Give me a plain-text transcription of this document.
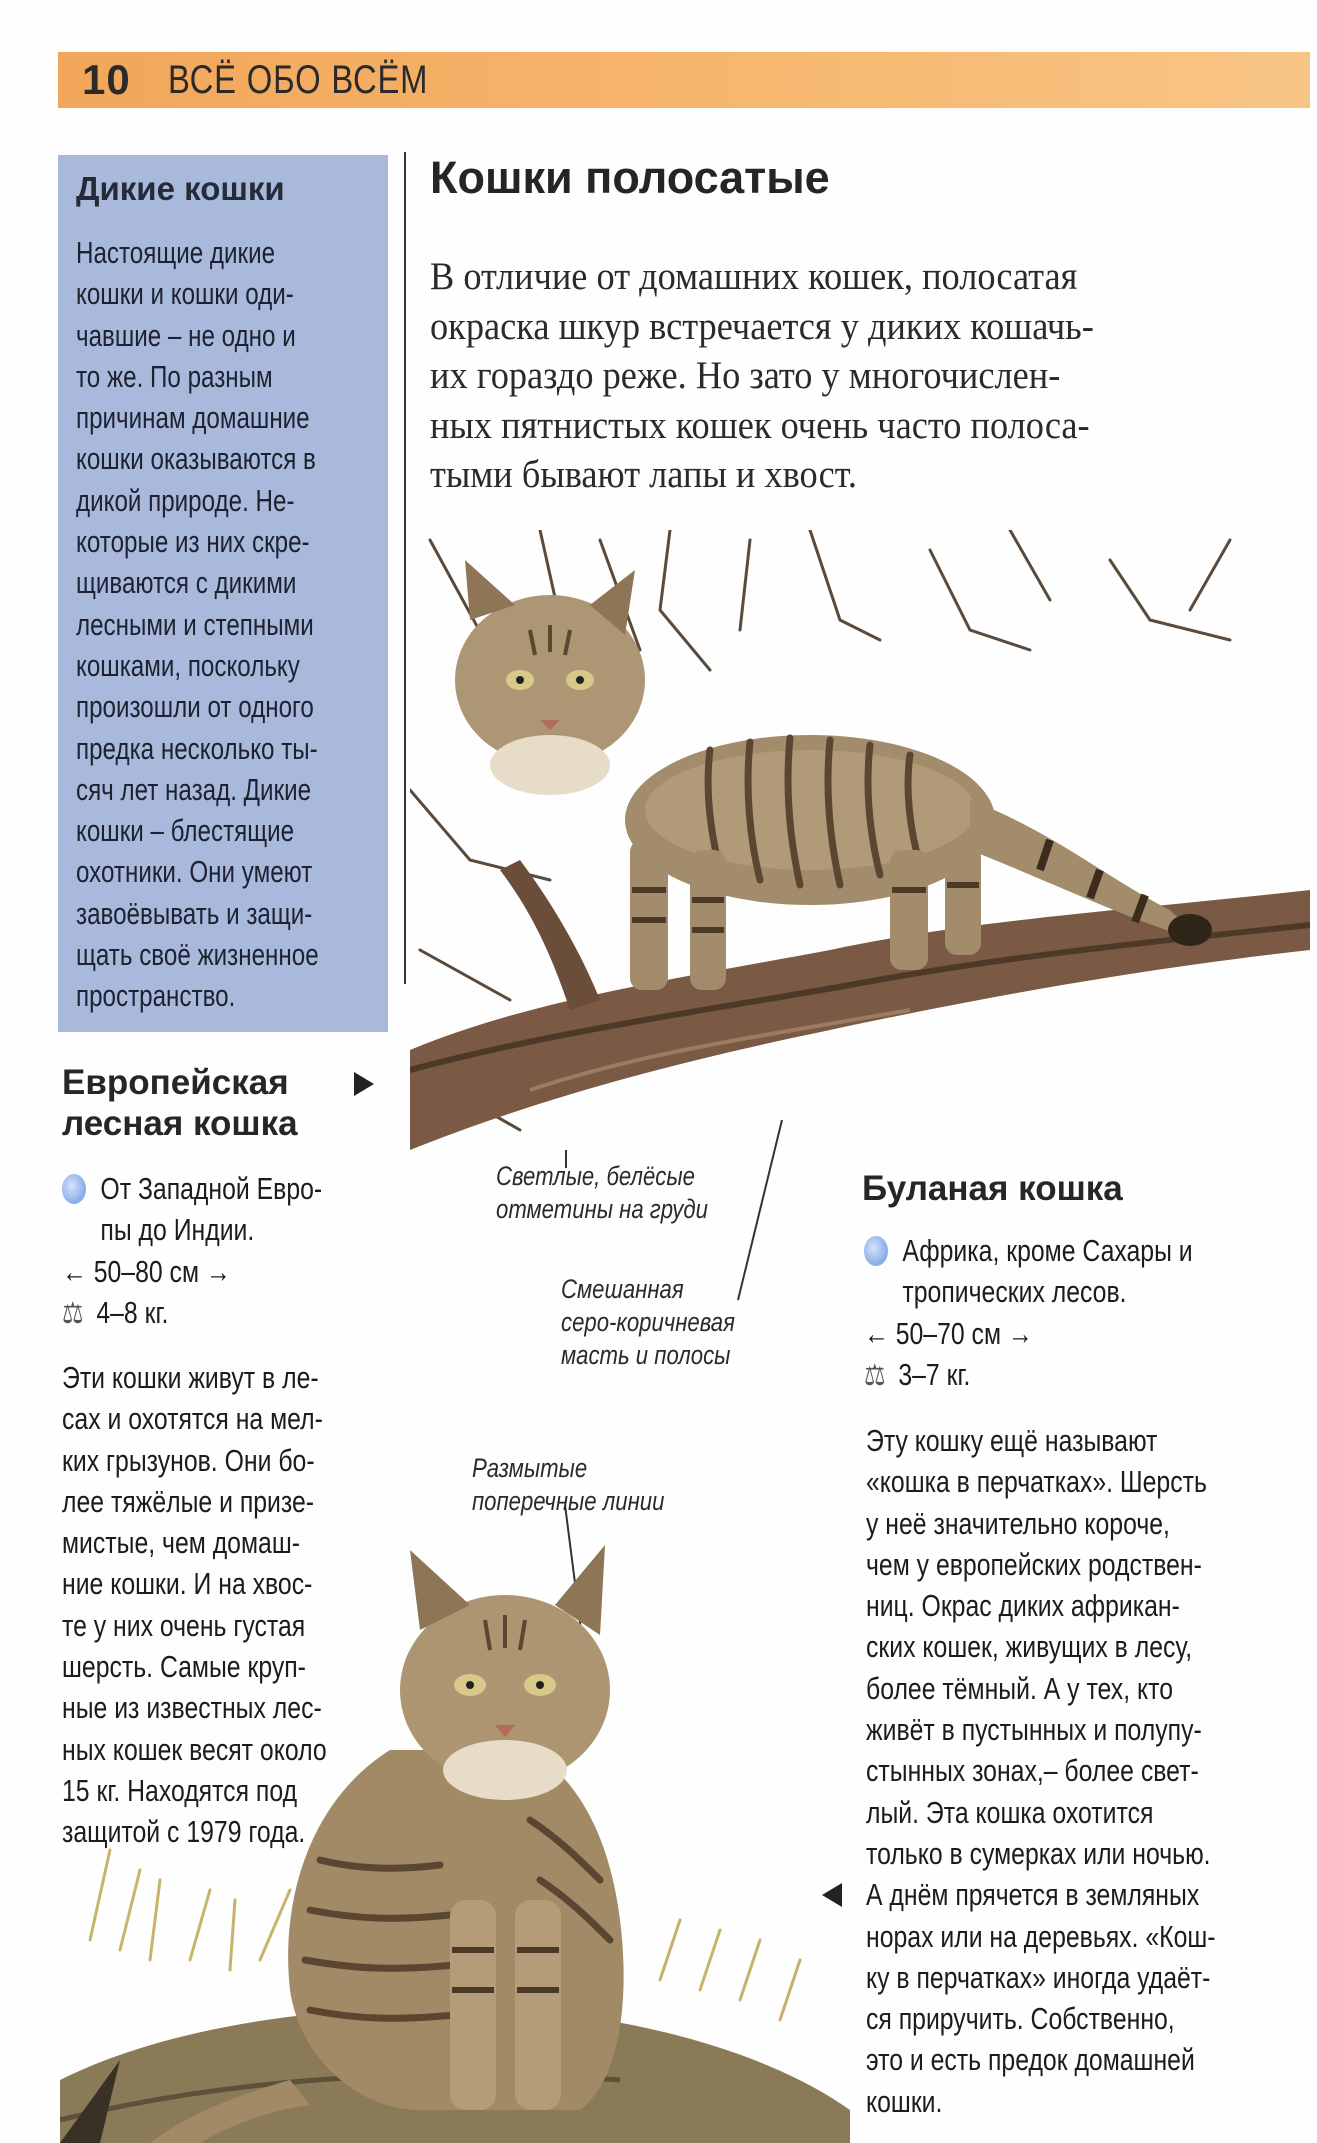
10 ВСЁ ОБО ВСЁМ
Дикие кошки
Настоящие дикие
кошки и кошки оди-
чавшие – не одно и
то же. По разным
причинам домашние
кошки оказываются в
дикой природе. Не-
которые из них скре-
щиваются с дикими
лесными и степными
кошками, поскольку
произошли от одного
предка несколько ты-
сяч лет назад. Дикие
кошки – блестящие
охотники. Они умеют
завоёвывать и защи-
щать своё жизненное
пространство.
Кошки полосатые
В отличие от домашних кошек, полосатая
окраска шкур встречается у диких кошачь-
их гораздо реже. Но зато у многочислен-
ных пятнистых кошек очень часто полоса-
тыми бывают лапы и хвост.
Светлые, белёсые
отметины на груди
Смешанная
серо-коричневая
масть и полосы
Размытые
поперечные линии
Европейская
лесная кошка
От Западной Евро-
пы до Индии.
← 50–80 см →
⚖ 4–8 кг.
Эти кошки живут в ле-
сах и охотятся на мел-
ких грызунов. Они бо-
лее тяжёлые и призе-
мистые, чем домаш-
ние кошки. И на хвос-
те у них очень густая
шерсть. Самые круп-
ные из известных лес-
ных кошек весят около
15 кг. Находятся под
защитой с 1979 года.
Буланая кошка
Африка, кроме Сахары и
тропических лесов.
← 50–70 см →
⚖ 3–7 кг.
Эту кошку ещё называют
«кошка в перчатках». Шерсть
у неё значительно короче,
чем у европейских родствен-
ниц. Окрас диких африкан-
ских кошек, живущих в лесу,
более тёмный. А у тех, кто
живёт в пустынных и полупу-
стынных зонах,– более свет-
лый. Эта кошка охотится
только в сумерках или ночью.
А днём прячется в земляных
норах или на деревьях. «Кош-
ку в перчатках» иногда удаёт-
ся приручить. Собственно,
это и есть предок домашней
кошки.
